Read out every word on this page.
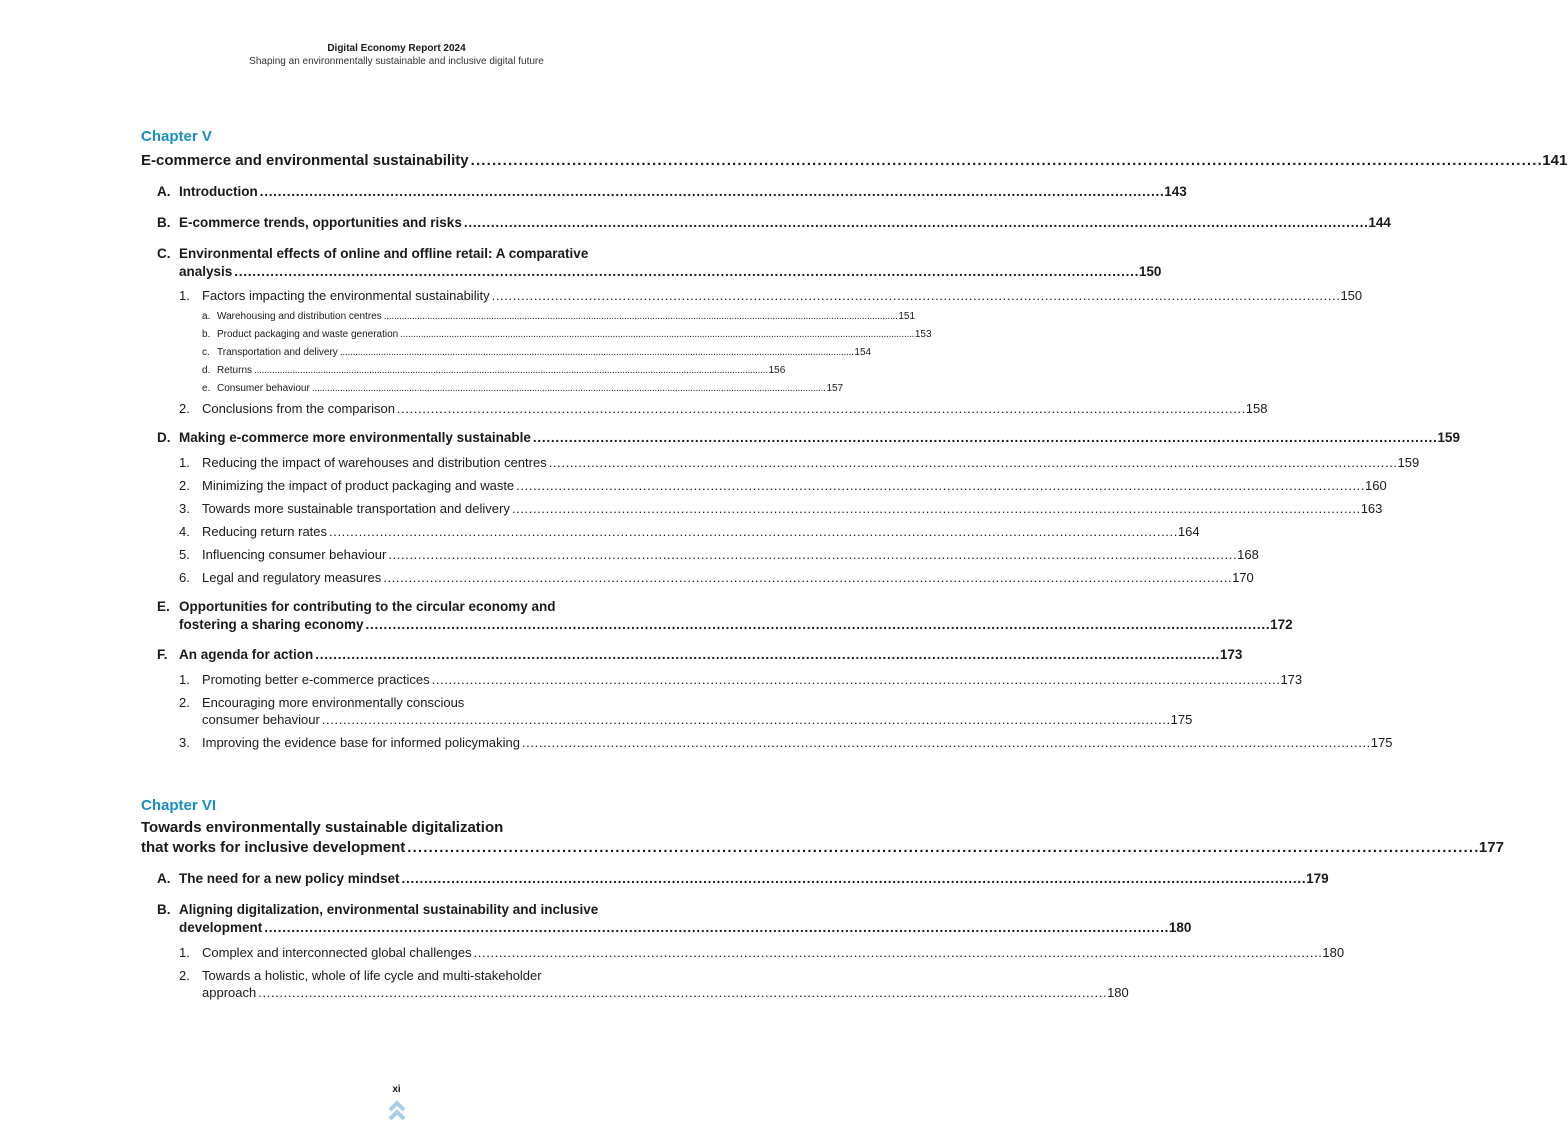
Digital Economy Report 2024
Shaping an environmentally sustainable and inclusive digital future
Chapter V
E-commerce and environmental sustainability . . .	141
A. Introduction . . .	143
B. E-commerce trends, opportunities and risks . . .	144
C. Environmental effects of online and offline retail: A comparative
analysis . . .	150
1. Factors impacting the environmental sustainability . . .	150
a. Warehousing and distribution centres . . .	151
b. Product packaging and waste generation . . .	153
c. Transportation and delivery . . .	154
d. Returns . . .	156
e. Consumer behaviour . . .	157
2. Conclusions from the comparison . . .	158
D. Making e-commerce more environmentally sustainable . . .	159
1. Reducing the impact of warehouses and distribution centres . . .	159
2. Minimizing the impact of product packaging and waste . . .	160
3. Towards more sustainable transportation and delivery . . .	163
4. Reducing return rates . . .	164
5. Influencing consumer behaviour . . .	168
6. Legal and regulatory measures . . .	170
E. Opportunities for contributing to the circular economy and
fostering a sharing economy . . .	172
F. An agenda for action . . .	173
1. Promoting better e-commerce practices . . .	173
2. Encouraging more environmentally conscious
consumer behaviour . . .	175
3. Improving the evidence base for informed policymaking . . .	175
Chapter VI
Towards environmentally sustainable digitalization
that works for inclusive development . . .	177
A. The need for a new policy mindset . . .	179
B. Aligning digitalization, environmental sustainability and inclusive
development . . .	180
1. Complex and interconnected global challenges . . .	180
2. Towards a holistic, whole of life cycle and multi-stakeholder
approach . . .	180
xi
